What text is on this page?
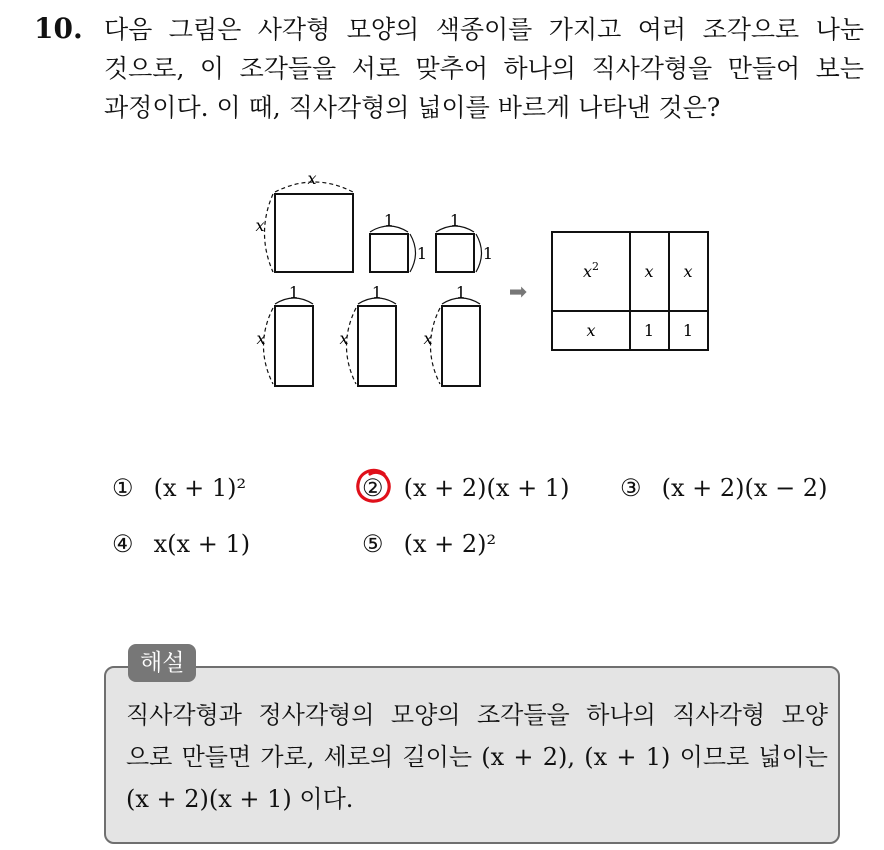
10. 다음 그림은 사각형 모양의 색종이를 가지고 여러 조각으로 나눈
것으로, 이 조각들을 서로 맞추어 하나의 직사각형을 만들어 보는
과정이다. 이 때, 직사각형의 넓이를 바르게 나타낸 것은?
x
x	1
1
1
1
1
x
1
x
1
x
➡
$x^2$	x x
x	1 1
① (x + 1)²	② (x + 2)(x + 1) ③ (x + 2)(x − 2)
④ x(x + 1)	⑤ (x + 2)²
해설
직사각형과 정사각형의 모양의 조각들을 하나의 직사각형 모양
으로 만들면 가로, 세로의 길이는 (x + 2), (x + 1) 이므로 넓이는
(x + 2)(x + 1) 이다.
